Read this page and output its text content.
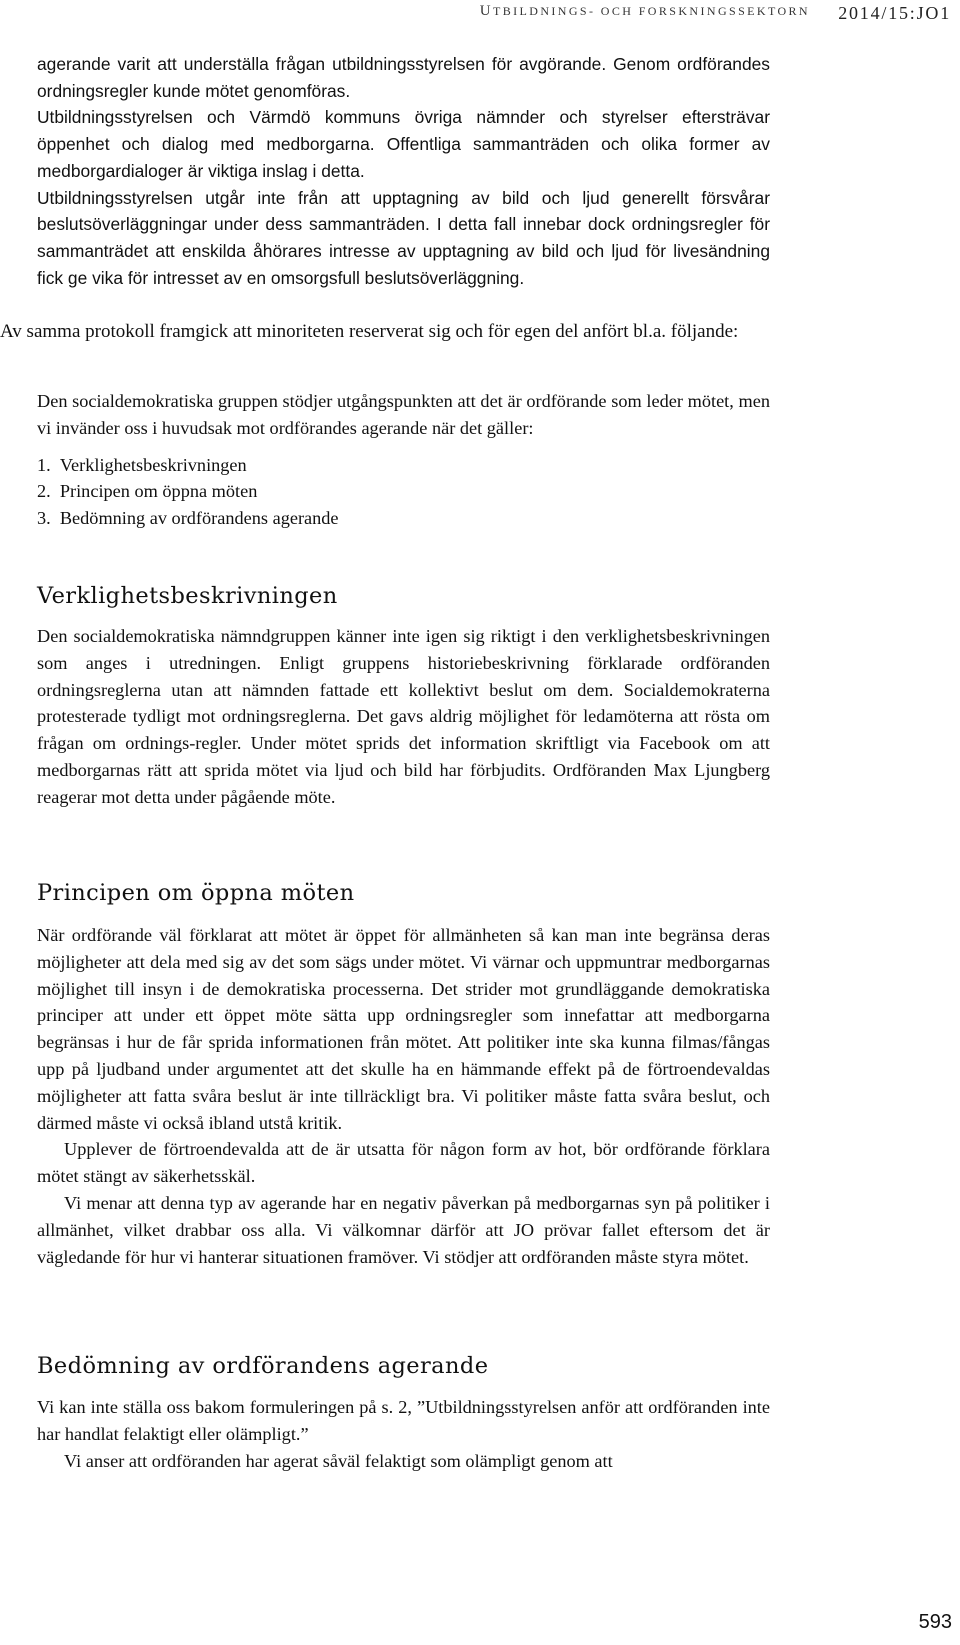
UTBILDNINGS- OCH FORSKNINGSSEKTORN 2014/15:JO1

agerande varit att underställa frågan utbildningsstyrelsen för avgörande. Genom ordförandes ordningsregler kunde mötet genomföras.

Utbildningsstyrelsen och Värmdö kommuns övriga nämnder och styrelser eftersträvar öppenhet och dialog med medborgarna. Offentliga sammanträden och olika former av medborgardialoger är viktiga inslag i detta.

Utbildningsstyrelsen utgår inte från att upptagning av bild och ljud generellt försvårar beslutsöverläggningar under dess sammanträden. I detta fall innebar dock ordningsregler för sammanträdet att enskilda åhörares intresse av upptagning av bild och ljud för livesändning fick ge vika för intresset av en omsorgsfull beslutsöverläggning.

Av samma protokoll framgick att minoriteten reserverat sig och för egen del anfört bl.a. följande:

Den socialdemokratiska gruppen stödjer utgångspunkten att det är ordförande som leder mötet, men vi invänder oss i huvudsak mot ordförandes agerande när det gäller:

1.  Verklighetsbeskrivningen
2.  Principen om öppna möten
3.  Bedömning av ordförandens agerande
Verklighetsbeskrivningen

Den socialdemokratiska nämndgruppen känner inte igen sig riktigt i den verklighetsbeskrivningen som anges i utredningen. Enligt gruppens historiebeskrivning förklarade ordföranden ordningsreglerna utan att nämnden fattade ett kollektivt beslut om dem. Socialdemokraterna protesterade tydligt mot ordningsreglerna. Det gavs aldrig möjlighet för ledamöterna att rösta om frågan om ordnings-regler. Under mötet sprids det information skriftligt via Facebook om att medborgarnas rätt att sprida mötet via ljud och bild har förbjudits. Ordföranden Max Ljungberg reagerar mot detta under pågående möte.

Principen om öppna möten

När ordförande väl förklarat att mötet är öppet för allmänheten så kan man inte begränsa deras möjligheter att dela med sig av det som sägs under mötet. Vi värnar och uppmuntrar medborgarnas möjlighet till insyn i de demokratiska processerna. Det strider mot grundläggande demokratiska principer att under ett öppet möte sätta upp ordningsregler som innefattar att medborgarna begränsas i hur de får sprida informationen från mötet. Att politiker inte ska kunna filmas/fångas upp på ljudband under argumentet att det skulle ha en hämmande effekt på de förtroendevaldas möjligheter att fatta svåra beslut är inte tillräckligt bra. Vi politiker måste fatta svåra beslut, och därmed måste vi också ibland utstå kritik.

Upplever de förtroendevalda att de är utsatta för någon form av hot, bör ordförande förklara mötet stängt av säkerhetsskäl.

Vi menar att denna typ av agerande har en negativ påverkan på medborgarnas syn på politiker i allmänhet, vilket drabbar oss alla. Vi välkomnar därför att JO prövar fallet eftersom det är vägledande för hur vi hanterar situationen framöver. Vi stödjer att ordföranden måste styra mötet.

Bedömning av ordförandens agerande

Vi kan inte ställa oss bakom formuleringen på s. 2, ”Utbildningsstyrelsen anför att ordföranden inte har handlat felaktigt eller olämpligt.”

Vi anser att ordföranden har agerat såväl felaktigt som olämpligt genom att

593
